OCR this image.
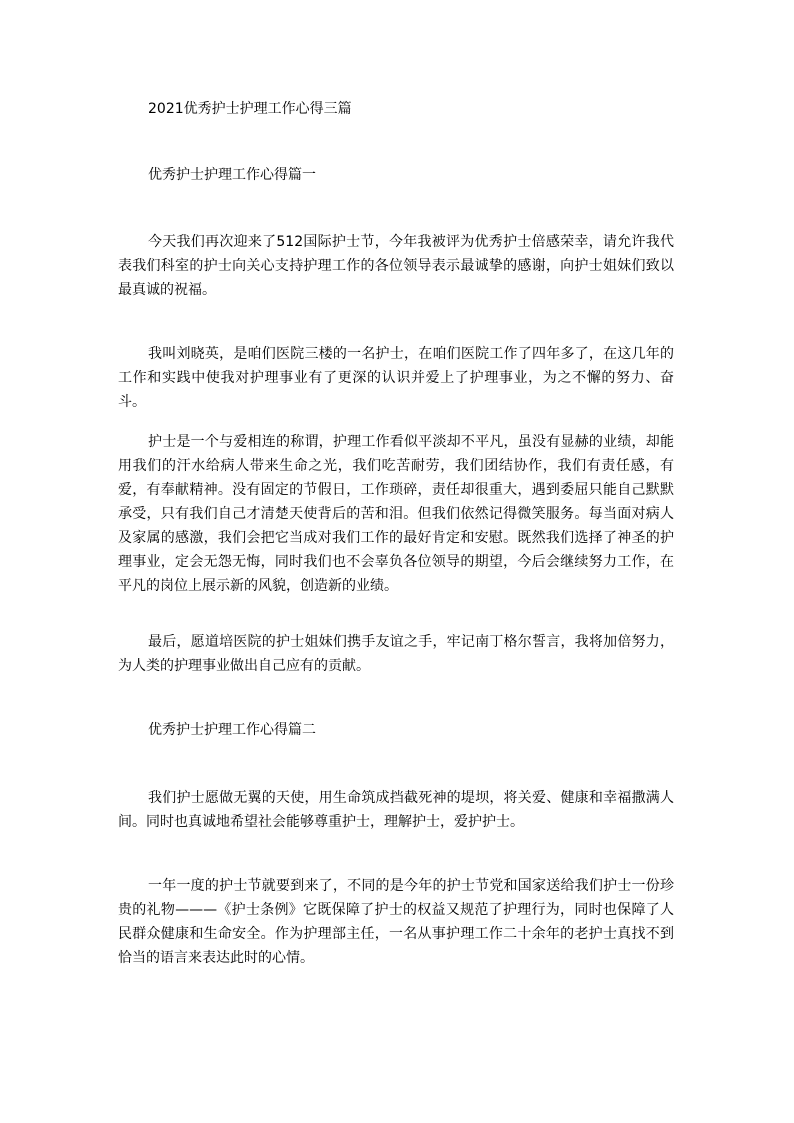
2021优秀护士护理工作心得三篇
优秀护士护理工作心得篇一

今天我们再次迎来了512国际护士节，今年我被评为优秀护士倍感荣幸，请允许我代表我们科室的护士向关心支持护理工作的各位领导表示最诚挚的感谢，向护士姐妹们致以最真诚的祝福。

我叫刘晓英，是咱们医院三楼的一名护士，在咱们医院工作了四年多了，在这几年的工作和实践中使我对护理事业有了更深的认识并爱上了护理事业，为之不懈的努力、奋斗。

护士是一个与爱相连的称谓，护理工作看似平淡却不平凡，虽没有显赫的业绩，却能用我们的汗水给病人带来生命之光，我们吃苦耐劳，我们团结协作，我们有责任感，有爱，有奉献精神。没有固定的节假日，工作琐碎，责任却很重大，遇到委屈只能自己默默承受，只有我们自己才清楚天使背后的苦和泪。但我们依然记得微笑服务。每当面对病人及家属的感激，我们会把它当成对我们工作的最好肯定和安慰。既然我们选择了神圣的护理事业，定会无怨无悔，同时我们也不会辜负各位领导的期望，今后会继续努力工作，在平凡的岗位上展示新的风貌，创造新的业绩。

最后，愿道培医院的护士姐妹们携手友谊之手，牢记南丁格尔誓言，我将加倍努力，为人类的护理事业做出自己应有的贡献。

优秀护士护理工作心得篇二

我们护士愿做无翼的天使，用生命筑成挡截死神的堤坝，将关爱、健康和幸福撒满人间。同时也真诚地希望社会能够尊重护士，理解护士，爱护护士。

一年一度的护士节就要到来了，不同的是今年的护士节党和国家送给我们护士一份珍贵的礼物———《护士条例》它既保障了护士的权益又规范了护理行为，同时也保障了人民群众健康和生命安全。作为护理部主任，一名从事护理工作二十余年的老护士真找不到恰当的语言来表达此时的心情。
